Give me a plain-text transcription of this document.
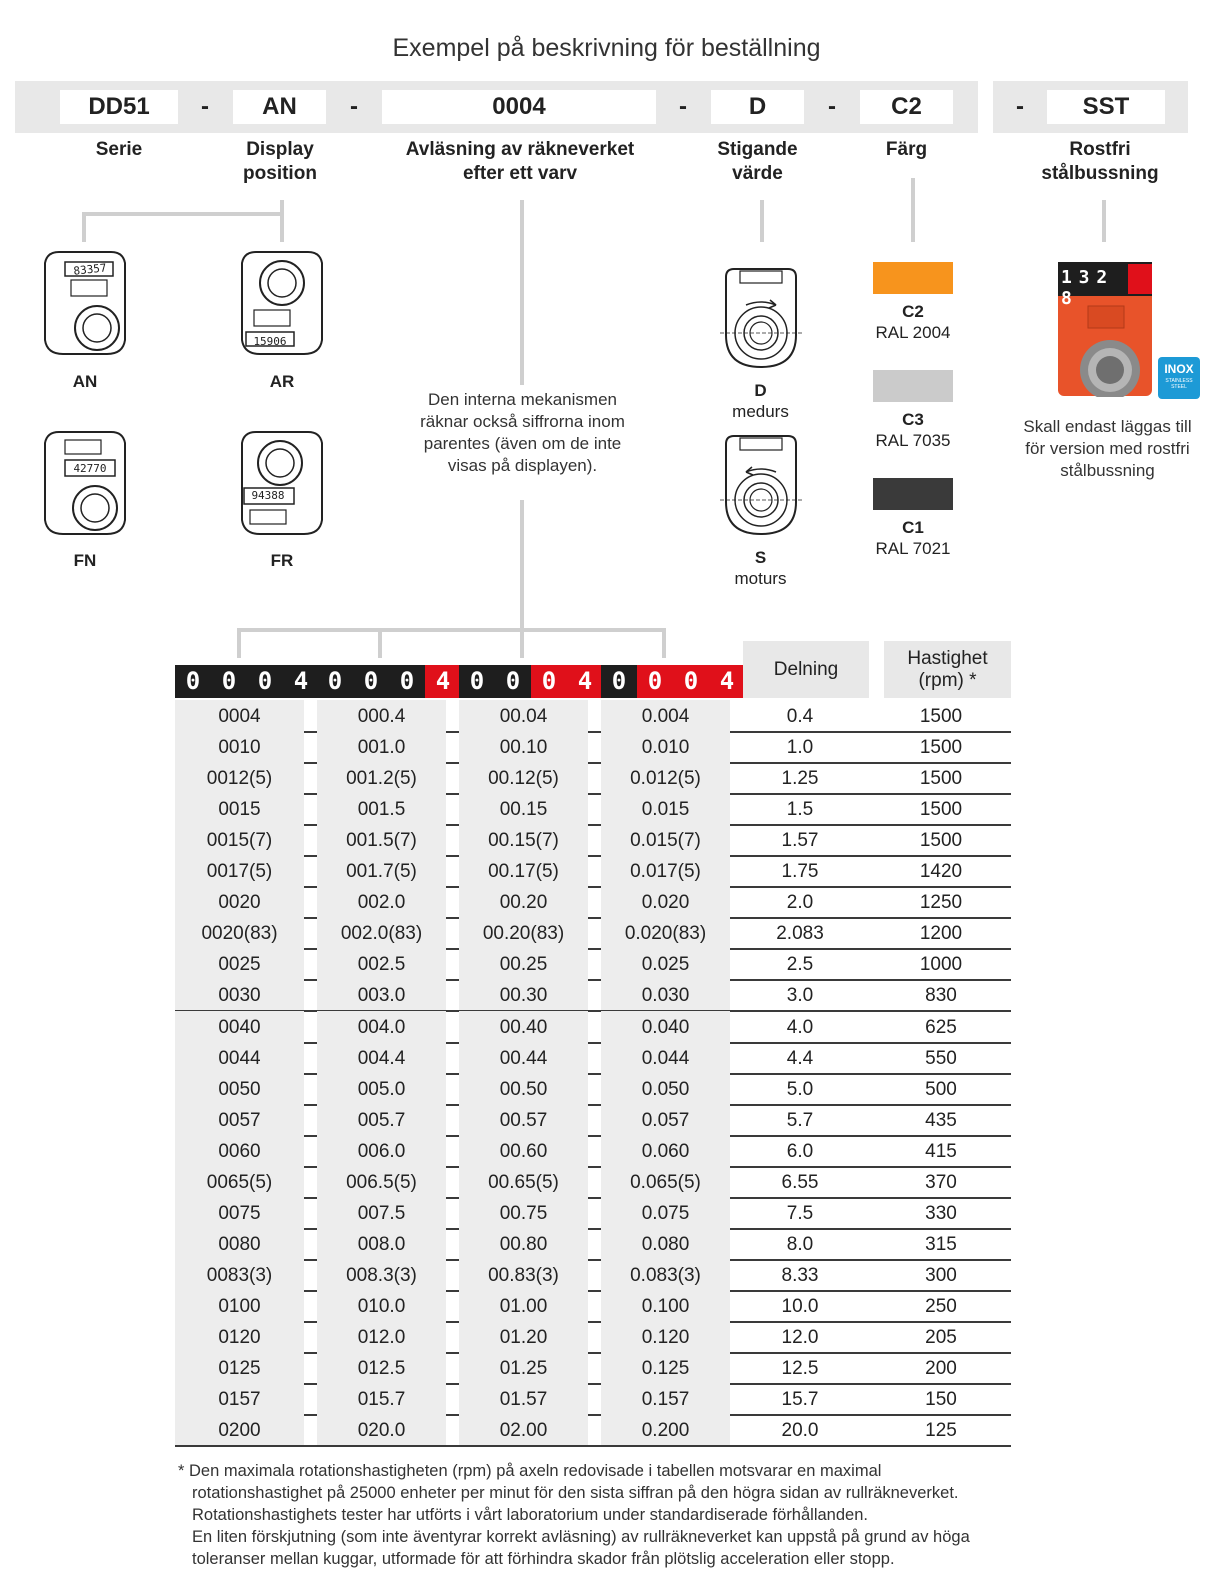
Exempel på beskrivning för beställning
DD51	-	AN	-	0004	-	D	-	C2	-	SST
Serie	Display
position
Avläsning av räkneverket
efter ett varv
Stigande
värde
Färg	Rostfri
stålbussning
83357
AN
15906
AR
42770
FN
94388
FR
Den interna mekanismen räknar också siffrorna inom parentes (även om de inte visas på displayen).
D
medurs
S
moturs
C2
RAL 2004
C3
RAL 7035
C1
RAL 7021
1 3 2 8
INOX
STAINLESS STEEL
Skall endast läggas till för version med rostfri stålbussning
0 0 0 4 0 0 0 4 0 0 0 4 0 0 0 4	Delning
Hastighet
(rpm) *
0004	000.4	00.04	0.004	0.4	1500
0010	001.0	00.10	0.010	1.0	1500
0012(5)	001.2(5)	00.12(5)	0.012(5)	1.25	1500
0015	001.5	00.15	0.015	1.5	1500
0015(7)	001.5(7)	00.15(7)	0.015(7)	1.57	1500
0017(5)	001.7(5)	00.17(5)	0.017(5)	1.75	1420
0020	002.0	00.20	0.020	2.0	1250
0020(83)	002.0(83)	00.20(83)	0.020(83)	2.083	1200
0025	002.5	00.25	0.025	2.5	1000
0030	003.0	00.30	0.030	3.0	830
0040	004.0	00.40	0.040	4.0	625
0044	004.4	00.44	0.044	4.4	550
0050	005.0	00.50	0.050	5.0	500
0057	005.7	00.57	0.057	5.7	435
0060	006.0	00.60	0.060	6.0	415
0065(5)	006.5(5)	00.65(5)	0.065(5)	6.55	370
0075	007.5	00.75	0.075	7.5	330
0080	008.0	00.80	0.080	8.0	315
0083(3)	008.3(3)	00.83(3)	0.083(3)	8.33	300
0100	010.0	01.00	0.100	10.0	250
0120	012.0	01.20	0.120	12.0	205
0125	012.5	01.25	0.125	12.5	200
0157	015.7	01.57	0.157	15.7	150
0200	020.0	02.00	0.200	20.0	125
* Den maximala rotationshastigheten (rpm) på axeln redovisade i tabellen motsvarar en maximal
rotationshastighet på 25000 enheter per minut för den sista siffran på den högra sidan av rullräkneverket.
Rotationshastighets tester har utförts i vårt laboratorium under standardiserade förhållanden.
En liten förskjutning (som inte äventyrar korrekt avläsning) av rullräkneverket kan uppstå på grund av höga
toleranser mellan kuggar, utformade för att förhindra skador från plötslig acceleration eller stopp.
